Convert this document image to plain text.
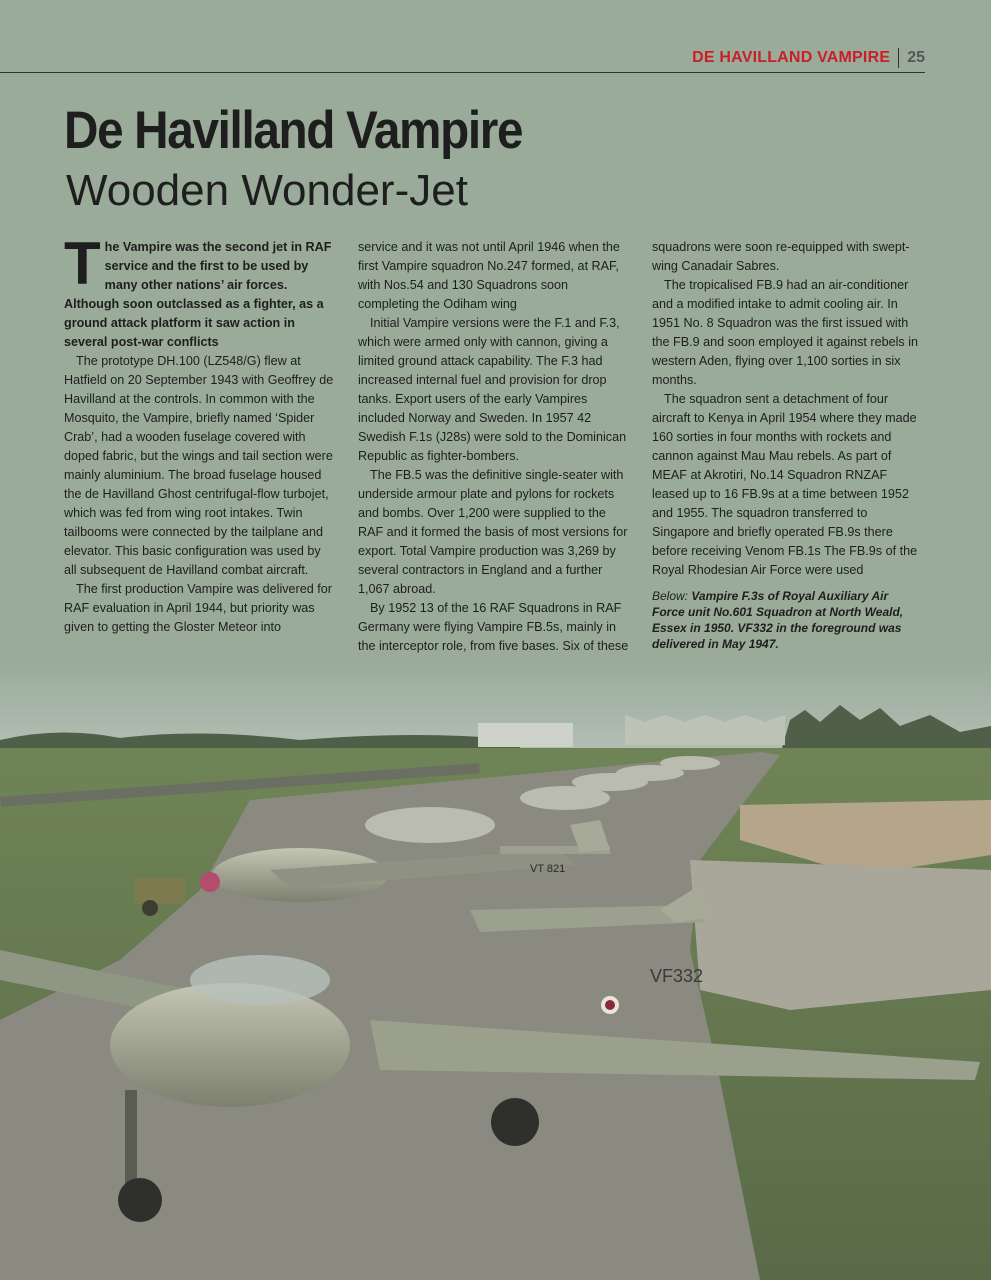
DE HAVILLAND VAMPIRE 25
De Havilland Vampire
Wooden Wonder-Jet

The Vampire was the second jet in RAF service and the first to be used by many other nations’ air forces. Although soon outclassed as a fighter, as a ground attack platform it saw action in several post-war conflicts

The prototype DH.100 (LZ548/G) flew at Hatfield on 20 September 1943 with Geoffrey de Havilland at the controls. In common with the Mosquito, the Vampire, briefly named ‘Spider Crab’, had a wooden fuselage covered with doped fabric, but the wings and tail section were mainly aluminium. The broad fuselage housed the de Havilland Ghost centrifugal-flow turbojet, which was fed from wing root intakes. Twin tailbooms were connected by the tailplane and elevator. This basic configuration was used by all subsequent de Havilland combat aircraft.

The first production Vampire was delivered for RAF evaluation in April 1944, but priority was given to getting the Gloster Meteor into

service and it was not until April 1946 when the first Vampire squadron No.247 formed, at RAF, with Nos.54 and 130 Squadrons soon completing the Odiham wing

Initial Vampire versions were the F.1 and F.3, which were armed only with cannon, giving a limited ground attack capability. The F.3 had increased internal fuel and provision for drop tanks. Export users of the early Vampires included Norway and Sweden. In 1957 42 Swedish F.1s (J28s) were sold to the Dominican Republic as fighter-bombers.

The FB.5 was the definitive single-seater with underside armour plate and pylons for rockets and bombs. Over 1,200 were supplied to the RAF and it formed the basis of most versions for export. Total Vampire production was 3,269 by several contractors in England and a further 1,067 abroad.

By 1952 13 of the 16 RAF Squadrons in RAF Germany were flying Vampire FB.5s, mainly in the interceptor role, from five bases. Six of these

squadrons were soon re-equipped with swept-wing Canadair Sabres.

The tropicalised FB.9 had an air-conditioner and a modified intake to admit cooling air. In 1951 No. 8 Squadron was the first issued with the FB.9 and soon employed it against rebels in western Aden, flying over 1,100 sorties in six months.

The squadron sent a detachment of four aircraft to Kenya in April 1954 where they made 160 sorties in four months with rockets and cannon against Mau Mau rebels. As part of MEAF at Akrotiri, No.14 Squadron RNZAF leased up to 16 FB.9s at a time between 1952 and 1955. The squadron transferred to Singapore and briefly operated FB.9s there before receiving Venom FB.1s The FB.9s of the Royal Rhodesian Air Force were used

Below: Vampire F.3s of Royal Auxiliary Air Force unit No.601 Squadron at North Weald, Essex in 1950. VF332 in the foreground was delivered in May 1947.

VT 821
VF332
